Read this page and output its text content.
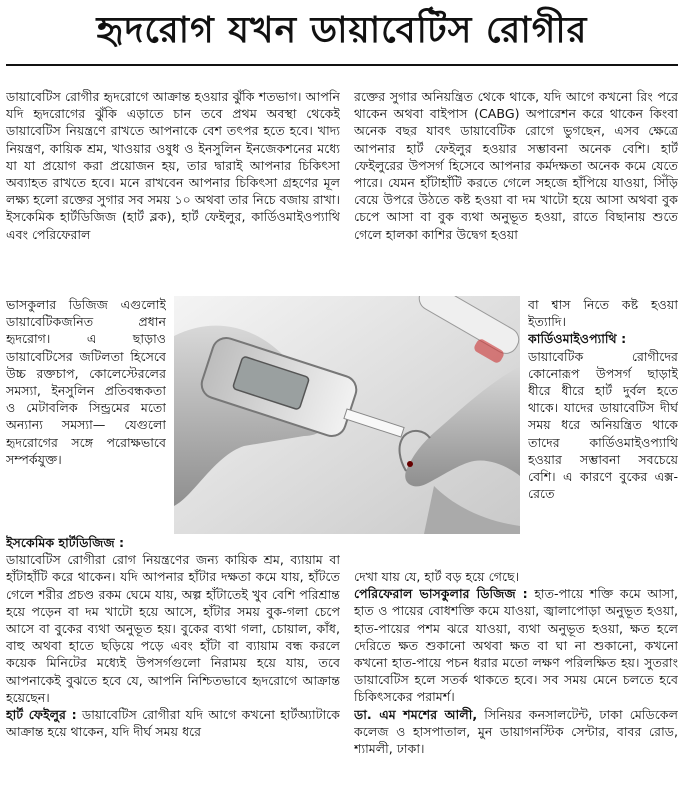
হৃদরোগ যখন ডায়াবেটিস রোগীর

ডায়াবেটিস রোগীর হৃদরোগে আক্রান্ত হওয়ার ঝুঁকি শতভাগ। আপনি যদি হৃদরোগের ঝুঁকি এড়াতে চান তবে প্রথম অবস্থা থেকেই ডায়াবেটিস নিয়ন্ত্রণে রাখতে আপনাকে বেশ তৎপর হতে হবে। খাদ্য নিয়ন্ত্রণ, কায়িক শ্রম, খাওয়ার ওষুধ ও ইনসুলিন ইনজেকশনের মধ্যে যা যা প্রয়োগ করা প্রয়োজন হয়, তার দ্বারাই আপনার চিকিৎসা অব্যাহত রাখতে হবে। মনে রাখবেন আপনার চিকিৎসা গ্রহণের মূল লক্ষ্য হলো রক্তের সুগার সব সময় ১০ অথবা তার নিচে বজায় রাখা। ইসকেমিক হার্টডিজিজ (হার্ট ব্লক), হার্ট ফেইলুর, কার্ডিওমাইওপ্যাথি এবং পেরিফেরাল

ভাসকুলার ডিজিজ এগুলোই ডায়াবেটিকজনিত প্রধান হৃদরোগ। এ ছাড়াও ডায়াবেটিসের জটিলতা হিসেবে উচ্চ রক্তচাপ, কোলেস্টেরলের সমস্যা, ইনসুলিন প্রতিবন্ধকতা ও মেটাবলিক সিন্ড্রমের মতো অন্যান্য সমস্যা— যেগুলো হৃদরোগের সঙ্গে পরোক্ষভাবে সম্পর্কযুক্ত।

ইসকেমিক হার্টডিজিজ :
ডায়াবেটিস রোগীরা রোগ নিয়ন্ত্রণের জন্য কায়িক শ্রম, ব্যায়াম বা হাঁটাহাঁটি করে থাকেন। যদি আপনার হাঁটার দক্ষতা কমে যায়, হাঁটতে গেলে শরীর প্রচণ্ড রকম ঘেমে যায়, অল্প হাঁটাতেই খুব বেশি পরিশ্রান্ত হয়ে পড়েন বা দম খাটো হয়ে আসে, হাঁটার সময় বুক-গলা চেপে আসে বা বুকের ব্যথা অনুভূত হয়। বুকের ব্যথা গলা, চোয়াল, কাঁধ, বাহু অথবা হাতে ছড়িয়ে পড়ে এবং হাঁটা বা ব্যায়াম বন্ধ করলে কয়েক মিনিটের মধ্যেই উপসর্গগুলো নিরাময় হয়ে যায়, তবে আপনাকেই বুঝতে হবে যে, আপনি নিশ্চিতভাবে হৃদরোগে আক্রান্ত হয়েছেন।
হার্ট ফেইলুর : ডায়াবেটিস রোগীরা যদি আগে কখনো হার্টঅ্যাটাকে আক্রান্ত হয়ে থাকেন, যদি দীর্ঘ সময় ধরে

রক্তের সুগার অনিয়ন্ত্রিত থেকে থাকে, যদি আগে কখনো রিং পরে থাকেন অথবা বাইপাস (CABG) অপারেশন করে থাকেন কিংবা অনেক বছর যাবৎ ডায়াবেটিক রোগে ভুগছেন, এসব ক্ষেত্রে আপনার হার্ট ফেইলুর হওয়ার সম্ভাবনা অনেক বেশি। হার্ট ফেইলুরের উপসর্গ হিসেবে আপনার কর্মদক্ষতা অনেক কমে যেতে পারে। যেমন হাঁটাহাঁটি করতে গেলে সহজে হাঁপিয়ে যাওয়া, সিঁড়ি বেয়ে উপরে উঠতে কষ্ট হওয়া বা দম খাটো হয়ে আসা অথবা বুক চেপে আসা বা বুক ব্যথা অনুভূত হওয়া, রাতে বিছানায় শুতে গেলে হালকা কাশির উদ্বেগ হওয়া

বা শ্বাস নিতে কষ্ট হওয়া ইত্যাদি।
কার্ডিওমাইওপ্যাথি :
ডায়াবেটিক রোগীদের কোনোরূপ উপসর্গ ছাড়াই ধীরে ধীরে হার্ট দুর্বল হতে থাকে। যাদের ডায়াবেটিস দীর্ঘ সময় ধরে অনিয়ন্ত্রিত থাকে তাদের কার্ডিওমাইওপ্যাথি হওয়ার সম্ভাবনা সবচেয়ে বেশি। এ কারণে বুকের এক্স-রেতে

দেখা যায় যে, হার্ট বড় হয়ে গেছে।
পেরিফেরাল ভাসকুলার ডিজিজ : হাত-পায়ে শক্তি কমে আসা, হাত ও পায়ের বোধশক্তি কমে যাওয়া, জ্বালাপোড়া অনুভূত হওয়া, হাত-পায়ের পশম ঝরে যাওয়া, ব্যথা অনুভূত হওয়া, ক্ষত হলে দেরিতে ক্ষত শুকানো অথবা ক্ষত বা ঘা না শুকানো, কখনো কখনো হাত-পায়ে পচন ধরার মতো লক্ষণ পরিলক্ষিত হয়। সুতরাং ডায়াবেটিস হলে সতর্ক থাকতে হবে। সব সময় মেনে চলতে হবে চিকিৎসকের পরামর্শ।
ডা. এম শমশের আলী, সিনিয়র কনসালটেন্ট, ঢাকা মেডিকেল কলেজ ও হাসপাতাল, মুন ডায়াগনস্টিক সেন্টার, বাবর রোড, শ্যামলী, ঢাকা।
